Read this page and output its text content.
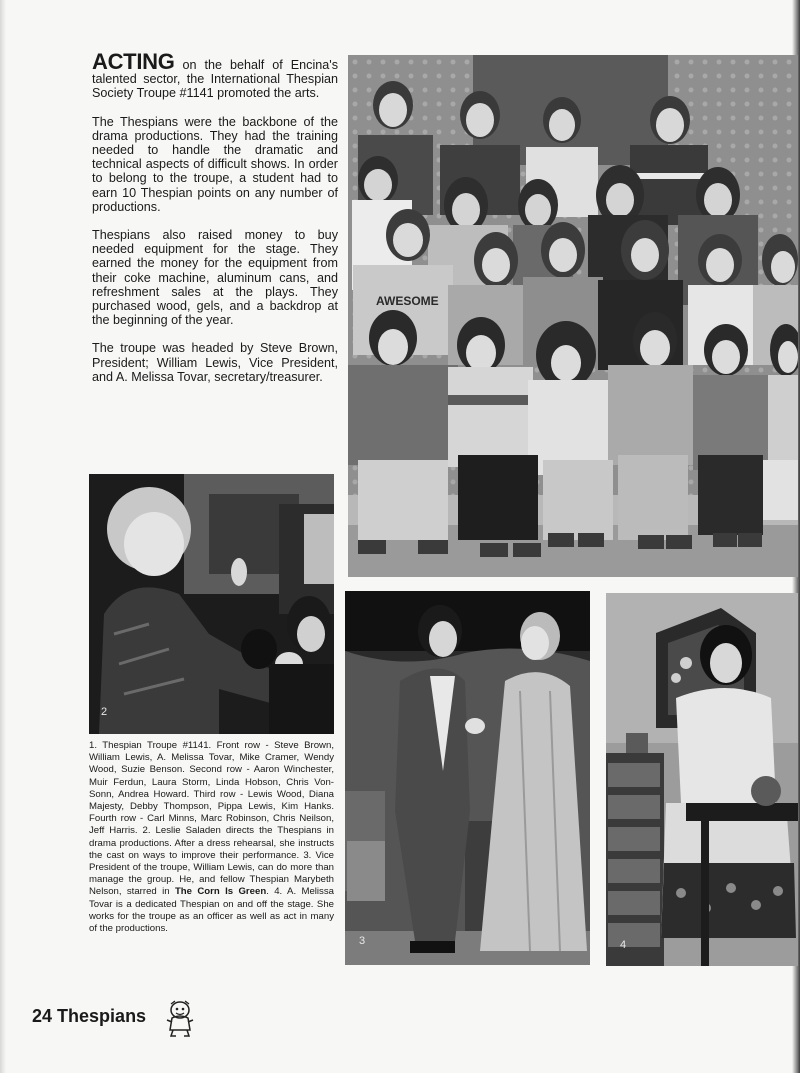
ACTING on the behalf of Encina's talented sector, the International Thespian Society Troupe #1141 promoted the arts.

The Thespians were the backbone of the drama productions. They had the training needed to handle the dramatic and technical aspects of difficult shows. In order to belong to the troupe, a student had to earn 10 Thespian points on any number of productions.

Thespians also raised money to buy needed equipment for the stage. They earned the money for the equipment from their coke machine, aluminum cans, and refreshment sales at the plays. They purchased wood, gels, and a backdrop at the beginning of the year.

The troupe was headed by Steve Brown, President; William Lewis, Vice President, and A. Melissa Tovar, secretary/treasurer.

AWESOME
2
3	4
1. Thespian Troupe #1141. Front row - Steve Brown, William Lewis, A. Melissa Tovar, Mike Cramer, Wendy Wood, Suzie Benson. Second row - Aaron Winchester, Muir Ferdun, Laura Storm, Linda Hobson, Chris Von-Sonn, Andrea Howard. Third row - Lewis Wood, Diana Majesty, Debby Thompson, Pippa Lewis, Kim Hanks. Fourth row - Carl Minns, Marc Robinson, Chris Neilson, Jeff Harris. 2. Leslie Saladen directs the Thespians in drama productions. After a dress rehearsal, she instructs the cast on ways to improve their performance. 3. Vice President of the troupe, William Lewis, can do more than manage the group. He, and fellow Thespian Marybeth Nelson, starred in The Corn Is Green. 4. A. Melissa Tovar is a dedicated Thespian on and off the stage. She works for the troupe as an officer as well as act in many of the productions.
24 Thespians
